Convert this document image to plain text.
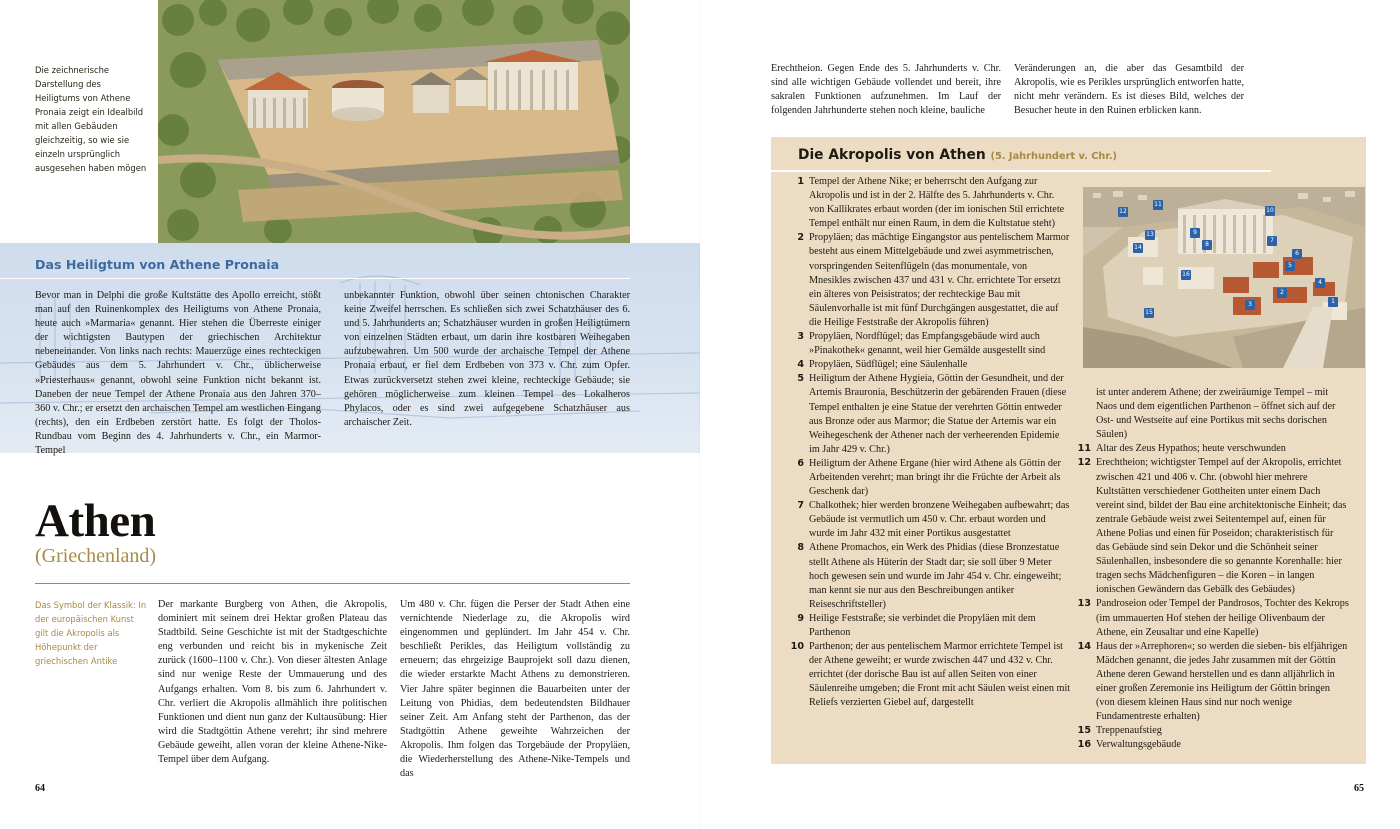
Die zeichnerische Darstellung des Heiligtums von Athene Pronaia zeigt ein Idealbild mit allen Gebäuden gleichzeitig, so wie sie einzeln ursprünglich ausgesehen haben mögen
Das Heiligtum von Athene Pronaia
Bevor man in Delphi die große Kultstätte des Apollo erreicht, stößt man auf den Ruinenkomplex des Heiligtums von Athene Pronaia, heute auch »Marmaria« genannt. Hier stehen die Überreste einiger der wichtigsten Bautypen der griechischen Architektur nebeneinander. Von links nach rechts: Mauerzüge eines rechteckigen Gebäudes aus dem 5. Jahrhundert v. Chr., üblicherweise »Priesterhaus« genannt, obwohl seine Funktion nicht bekannt ist. Daneben der neue Tempel der Athene Pronaia aus den Jahren 370–360 v. Chr.; er ersetzt den archaischen Tempel am westlichen Eingang (rechts), den ein Erdbeben zerstört hatte. Es folgt der Tholos-Rundbau vom Beginn des 4. Jahrhunderts v. Chr., ein Marmor-Tempel
unbekannter Funktion, obwohl über seinen chtonischen Charakter keine Zweifel herrschen. Es schließen sich zwei Schatzhäuser des 6. und 5. Jahrhunderts an; Schatzhäuser wurden in großen Heiligtümern von einzelnen Städten erbaut, um darin ihre kostbaren Weihegaben aufzubewahren. Um 500 wurde der archaische Tempel der Athene Pronaia erbaut, er fiel dem Erdbeben von 373 v. Chr. zum Opfer. Etwas zurückversetzt stehen zwei kleine, rechteckige Gebäude; sie gehören möglicherweise zum kleinen Tempel des Lokalheros Phylacos, oder es sind zwei aufgegebene Schatzhäuser aus archaischer Zeit.
Athen
(Griechenland)
Das Symbol der Klassik: In der europäischen Kunst gilt die Akropolis als Höhepunkt der griechischen Antike
Der markante Burgberg von Athen, die Akropolis, dominiert mit seinem drei Hektar großen Plateau das Stadtbild. Seine Geschichte ist mit der Stadtgeschichte eng verbunden und reicht bis in mykenische Zeit zurück (1600–1100 v. Chr.). Von dieser ältesten Anlage sind nur wenige Reste der Ummauerung und des Aufgangs erhalten. Vom 8. bis zum 6. Jahrhundert v. Chr. verliert die Akropolis allmählich ihre politischen Funktionen und dient nun ganz der Kultausübung: Hier wird die Stadtgöttin Athene verehrt; ihr sind mehrere Gebäude geweiht, allen voran der kleine Athene-Nike-Tempel über dem Aufgang.
Um 480 v. Chr. fügen die Perser der Stadt Athen eine vernichtende Niederlage zu, die Akropolis wird eingenommen und geplündert. Im Jahr 454 v. Chr. beschließt Perikles, das Heiligtum vollständig zu erneuern; das ehrgeizige Bauprojekt soll dazu dienen, die wieder erstarkte Macht Athens zu demonstrieren. Vier Jahre später beginnen die Bauarbeiten unter der Leitung von Phidias, dem bedeutendsten Bildhauer seiner Zeit. Am Anfang steht der Parthenon, das der Stadtgöttin Athene geweihte Wahrzeichen der Akropolis. Ihm folgen das Torgebäude der Propyläen, die Wiederherstellung des Athene-Nike-Tempels und das
64
Erechtheion. Gegen Ende des 5. Jahrhunderts v. Chr. sind alle wichtigen Gebäude vollendet und bereit, ihre sakralen Funktionen aufzunehmen. Im Lauf der folgenden Jahrhunderte stehen noch kleine, bauliche
Veränderungen an, die aber das Gesamtbild der Akropolis, wie es Perikles ursprünglich entworfen hatte, nicht mehr verändern. Es ist dieses Bild, welches der Besucher heute in den Ruinen erblicken kann.
Die Akropolis von Athen (5. Jahrhundert v. Chr.)
12
11
10
14
13	9
8
7
16
6
5
4
2
1
3
15
1 Tempel der Athene Nike; er beherrscht den Aufgang zur Akropolis und ist in der 2. Hälfte des 5. Jahrhunderts v. Chr. von Kallikrates erbaut worden (der im ionischen Stil errichtete Tempel enthält nur einen Raum, in dem die Kultstatue steht)
2 Propyläen; das mächtige Eingangstor aus pentelischem Marmor besteht aus einem Mittelgebäude und zwei asymmetrischen, vorspringenden Seitenflügeln (das monumentale, von Mnesikles zwischen 437 und 431 v. Chr. errichtete Tor ersetzt ein älteres von Peisistratos; der rechteckige Bau mit Säulenvorhalle ist mit fünf Durchgängen ausgestattet, die auf die Heilige Feststraße der Akropolis führen)
3 Propyläen, Nordflügel; das Empfangsgebäude wird auch »Pinakothek« genannt, weil hier Gemälde ausgestellt sind
4 Propyläen, Südflügel; eine Säulenhalle
5 Heiligtum der Athene Hygieia, Göttin der Gesundheit, und der Artemis Brauronia, Beschützerin der gebärenden Frauen (diese Tempel enthalten je eine Statue der verehrten Göttin entweder aus Bronze oder aus Marmor; die Statue der Artemis war ein Weihegeschenk der Athener nach der verheerenden Epidemie im Jahr 429 v. Chr.)
6 Heiligtum der Athene Ergane (hier wird Athene als Göttin der Arbeitenden verehrt; man bringt ihr die Früchte der Arbeit als Geschenk dar)
7 Chalkothek; hier werden bronzene Weihegaben aufbewahrt; das Gebäude ist vermutlich um 450 v. Chr. erbaut worden und wurde im Jahr 432 mit einer Portikus ausgestattet
8 Athene Promachos, ein Werk des Phidias (diese Bronzestatue stellt Athene als Hüterin der Stadt dar; sie soll über 9 Meter hoch gewesen sein und wurde im Jahr 454 v. Chr. eingeweiht; man kennt sie nur aus den Beschreibungen antiker Reiseschriftsteller)
9 Heilige Feststraße; sie verbindet die Propyläen mit dem Parthenon
10 Parthenon; der aus pentelischem Marmor errichtete Tempel ist der Athene geweiht; er wurde zwischen 447 und 432 v. Chr. errichtet (der dorische Bau ist auf allen Seiten von einer Säulenreihe umgeben; die Front mit acht Säulen weist einen mit Reliefs verzierten Giebel auf, dargestellt
ist unter anderem Athene; der zweiräumige Tempel – mit Naos und dem eigentlichen Parthenon – öffnet sich auf der Ost- und Westseite auf eine Portikus mit sechs dorischen Säulen)
11 Altar des Zeus Hypathos; heute verschwunden
12 Erechtheion; wichtigster Tempel auf der Akropolis, errichtet zwischen 421 und 406 v. Chr. (obwohl hier mehrere Kultstätten verschiedener Gottheiten unter einem Dach vereint sind, bildet der Bau eine architektonische Einheit; das zentrale Gebäude weist zwei Seitentempel auf, einen für Athene Polias und einen für Poseidon; charakteristisch für das Gebäude sind sein Dekor und die Schönheit seiner Säulenhallen, insbesondere die so genannte Korenhalle: hier tragen sechs Mädchenfiguren – die Koren – in langen ionischen Gewändern das Gebälk des Gebäudes)
13 Pandroseion oder Tempel der Pandrosos, Tochter des Kekrops (im ummauerten Hof stehen der heilige Olivenbaum der Athene, ein Zeusaltar und eine Kapelle)
14 Haus der »Arrephoren«; so werden die sieben- bis elfjährigen Mädchen genannt, die jedes Jahr zusammen mit der Göttin Athene deren Gewand herstellen und es dann alljährlich in einer großen Zeremonie ins Heiligtum der Göttin bringen (von diesem kleinen Haus sind nur noch wenige Fundamentreste erhalten)
15 Treppenaufstieg
16 Verwaltungsgebäude
65
